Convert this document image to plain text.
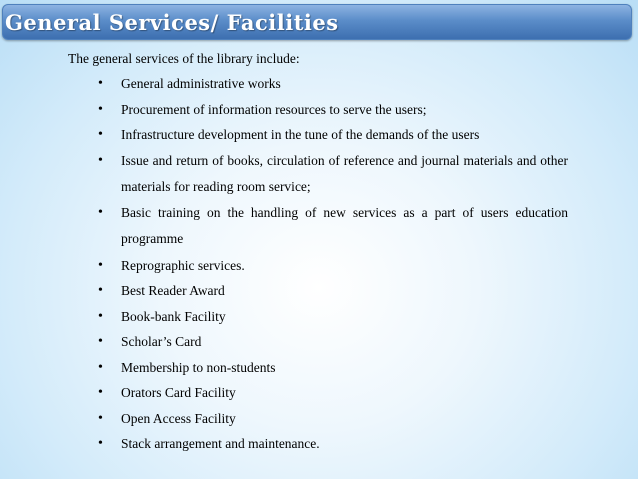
General Services/ Facilities
The general services of the library include:
• General administrative works
• Procurement of information resources to serve the users;
• Infrastructure development in the tune of the demands of the users
• Issue and return of books, circulation of reference and journal materials and other materials for reading room service;
• Basic training on the handling of new services as a part of users education programme
• Reprographic services.
• Best Reader Award
• Book-bank Facility
• Scholar’s Card
• Membership to non-students
• Orators Card Facility
• Open Access Facility
• Stack arrangement and maintenance.
